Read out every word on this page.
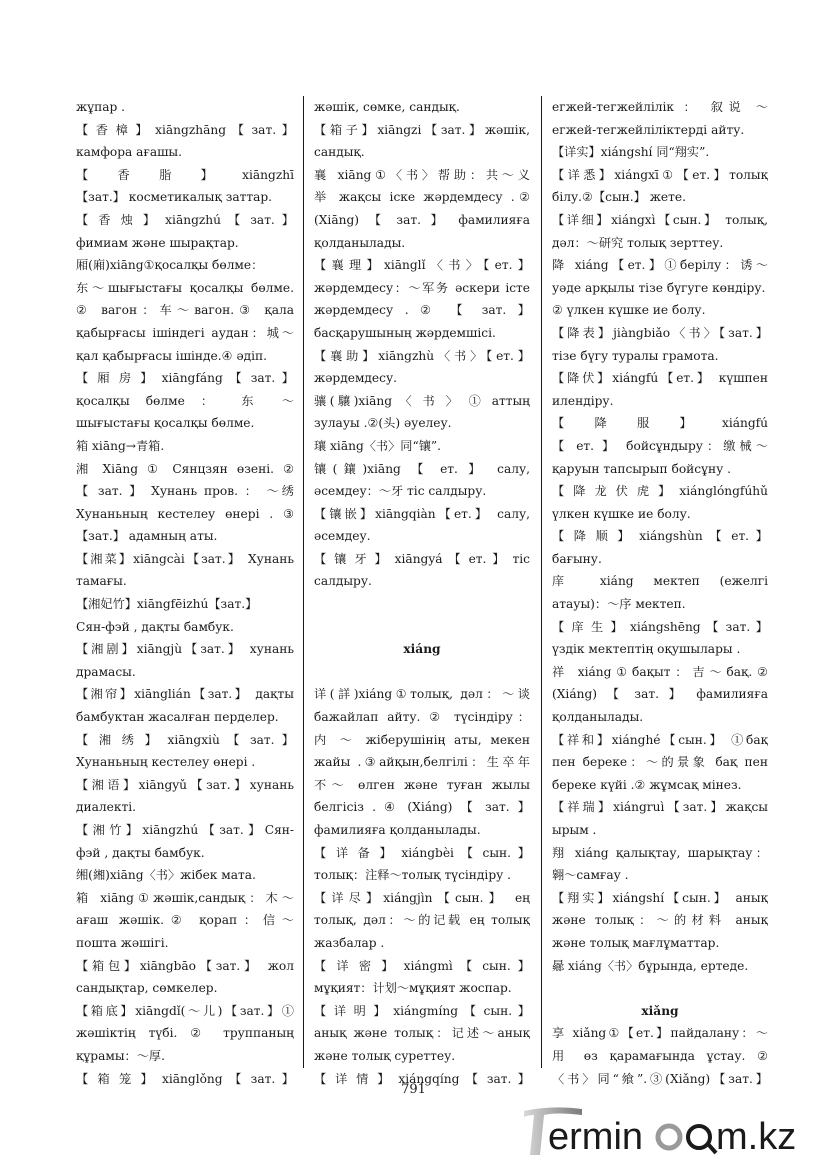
жұпар .
【 香 樟 】 xiāngzhāng 【 зат. 】
камфора ағашы.
【 香 脂 】 xiāngzhī
【зат.】 косметикалық заттар.
【 香 烛 】 xiāngzhú 【 зат. 】
фимиам және шырақтар.
厢(廂)xiāng①қосалқы бөлме：
东～шығыстағы қосалқы бөлме.
② вагон：车～вагон.③ қала
қабырғасы ішіндегі аудан：城～
қал қабырғасы ішінде.④ әдіп.
【 厢 房 】 xiāngfáng 【 зат. 】
қосалқы бөлме ： 东 ～
шығыстағы қосалқы бөлме.
箱 xiāng→青箱.
湘 Xiāng ① Сянцзян өзені. ②
【 зат. 】 Хунань пров. ： ～绣
Хунаньның кестелеу өнері . ③
【зат.】 адамның аты.
【湘菜】xiāngcài【зат.】 Хунань
тамағы.
【湘妃竹】xiāngfēizhú【зат.】
Сян-фэй , дақты бамбук.
【湘剧】xiāngjù【зат.】 хунань
драмасы.
【湘帘】xiānglián【зат.】 дақты
бамбуктан жасалған перделер.
【 湘 绣 】 xiāngxiù 【 зат. 】
Хунаньның кестелеу өнері .
【湘语】xiāngyǔ【зат.】хунань
диалектi.
【湘竹】xiāngzhú【зат.】Сян-
фэй , дақты бамбук.
缃(緗)xiāng〈书〉жібек мата.
箱 xiāng①жәшік,сандық：木～
ағаш жәшік.② қорап：信～
пошта жәшігі.
【箱包】xiāngbāo【зат.】 жол
сандықтар, сөмкелер.
【箱底】xiāngdǐ(～儿)【зат.】①
жәшіктің түбі. ② труппаның
құрамы：～厚.
【 箱 笼 】 xiānglǒng 【 зат. 】
жәшік, сөмке, сандық.
【箱子】xiāngzi【зат.】жәшік,
сандық.
襄 xiāng①〈书〉帮助：共～义
举 жақсы іске жәрдемдесу .②
(Xiāng) 【 зат. 】 фамилияға
қолданылады.
【襄理】xiānglǐ〈书〉【ет.】
жәрдемдесу：～军务 әскери істе
жәрдемдесу . ② 【 зат. 】
басқарушының жәрдемшісі.
【襄助】xiāngzhù〈书〉【ет.】
жәрдемдесу.
骧(驤)xiāng 〈 书 〉 ① аттың
зулауы .②(头) әуелеу.
瓖 xiāng〈书〉同“镶”.
镶(鑲)xiāng 【 ет. 】 салу,
әсемдеу：～牙 тіс салдыру.
【镶嵌】xiāngqiàn【ет.】 салу,
әсемдеу.
【 镶 牙 】 xiāngyá 【 ет. 】 тіс
салдыру.
xiáng
详(詳)xiáng①толық, дәл：～谈
бажайлап айту. ② түсіндіру：
内 ～ жіберушінің аты, мекен
жайы .③айқын,белгілі：生卒年
不～ өлген және туған жылы
белгісіз . ④ (Xiáng) 【 зат. 】
фамилияға қолданылады.
【 详 备 】 xiángbèi 【 сын. 】
толық：注释～толық түсіндіру .
【详尽】xiángjìn【сын.】 ең
толық, дәл：～的记载 ең толық
жазбалар .
【 详 密 】 xiángmì 【 сын. 】
мұқият：计划～мұқият жоспар.
【 详 明 】 xiángmíng 【 сын. 】
анық және толық：记述～анық
және толық суреттеу.
【 详 情 】 xiángqíng 【 зат. 】
егжей-тегжейлілік ： 叙说 ～
егжей-тегжейліліктерді айту.
【详实】xiángshí 同“翔实”.
【详悉】xiángxī①【ет.】толық
білу.②【сын.】 жете.
【详细】xiángxì【сын.】 толық,
дәл：～研究 толық зерттеу.
降 xiáng【ет.】①берілу：诱～
уәде арқылы тізе бүгуге көндіру.
② үлкен күшке ие болу.
【降表】jiàngbiǎo〈书〉【зат.】
тізе бүгу туралы грамота.
【降伏】xiángfú【ет.】 күшпен
илендіру.
【 降 服 】 xiángfú
【 ет. 】 бойсұндыру：缴械～
қаруын тапсырып бойсұну .
【 降 龙 伏 虎 】 xiánglóngfúhǔ
үлкен күшке ие болу.
【 降 顺 】 xiángshùn 【 ет. 】
бағыну.
庠 xiáng мектеп (ежелгі
атауы)：～序 мектеп.
【 庠 生 】 xiángshēng 【 зат. 】
үздік мектептің оқушылары .
祥 xiáng①бақыт：吉～бақ.②
(Xiáng) 【 зат. 】 фамилияға
қолданылады.
【祥和】xiánghé【сын.】 ①бақ
пен береке：～的景象 бақ пен
береке күйі .② жұмсақ мінез.
【祥瑞】xiángruì【зат.】жақсы
ырым .
翔 xiáng қалықтау, шарықтау：
翱～самғау .
【翔实】xiángshí【сын.】 анық
және толық：～的材料 анық
және толық мағлұматтар.
曏 xiáng〈书〉бұрында, ертеде.
xiǎng
享 xiǎng①【ет.】пайдалану：～
用 өз қарамағында ұстау. ②
〈书〉同“飨”.③(Xiǎng)【зат.】
791
ermin m.kz
